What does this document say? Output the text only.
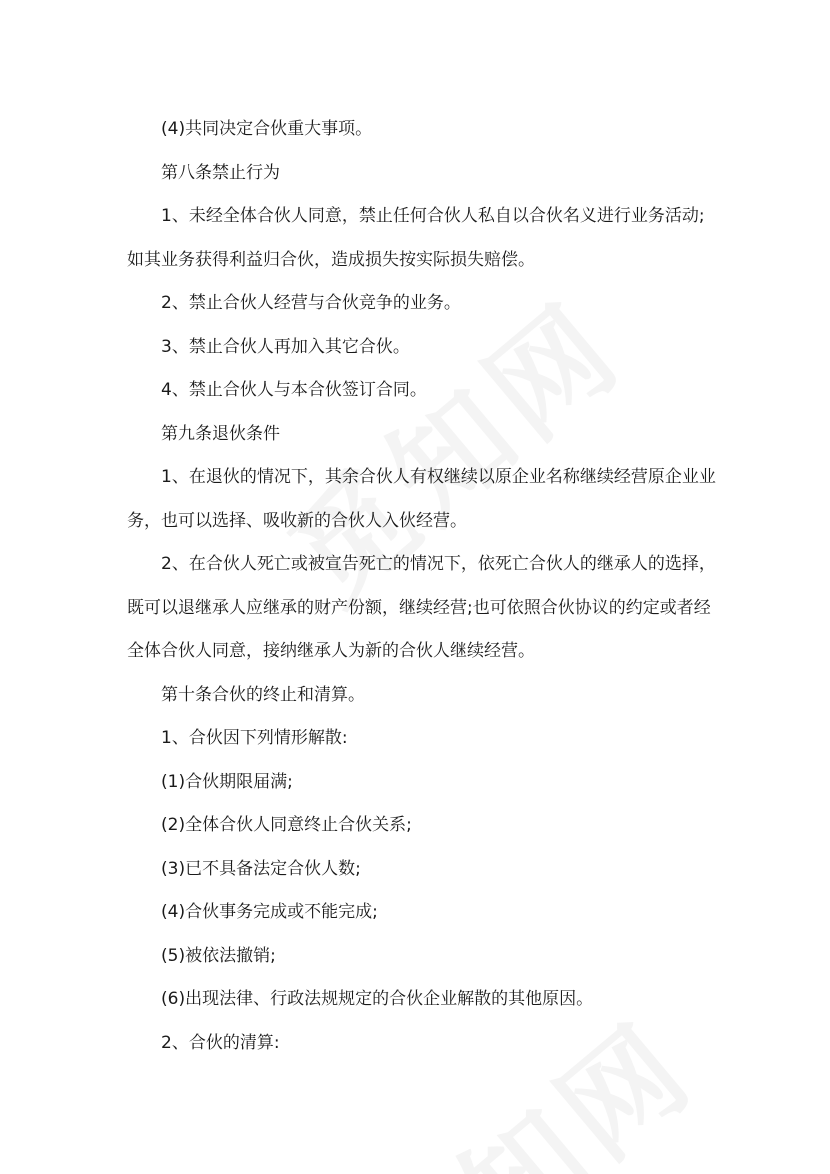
(4)共同决定合伙重大事项。

第八条禁止行为

1、未经全体合伙人同意，禁止任何合伙人私自以合伙名义进行业务活动;

如其业务获得利益归合伙，造成损失按实际损失赔偿。

2、禁止合伙人经营与合伙竞争的业务。

3、禁止合伙人再加入其它合伙。

4、禁止合伙人与本合伙签订合同。

第九条退伙条件

1、在退伙的情况下，其余合伙人有权继续以原企业名称继续经营原企业业

务，也可以选择、吸收新的合伙人入伙经营。

2、在合伙人死亡或被宣告死亡的情况下，依死亡合伙人的继承人的选择，

既可以退继承人应继承的财产份额，继续经营;也可依照合伙协议的约定或者经

全体合伙人同意，接纳继承人为新的合伙人继续经营。

第十条合伙的终止和清算。

1、合伙因下列情形解散:

(1)合伙期限届满;

(2)全体合伙人同意终止合伙关系;

(3)已不具备法定合伙人数;

(4)合伙事务完成或不能完成;

(5)被依法撤销;

(6)出现法律、行政法规规定的合伙企业解散的其他原因。

2、合伙的清算:
